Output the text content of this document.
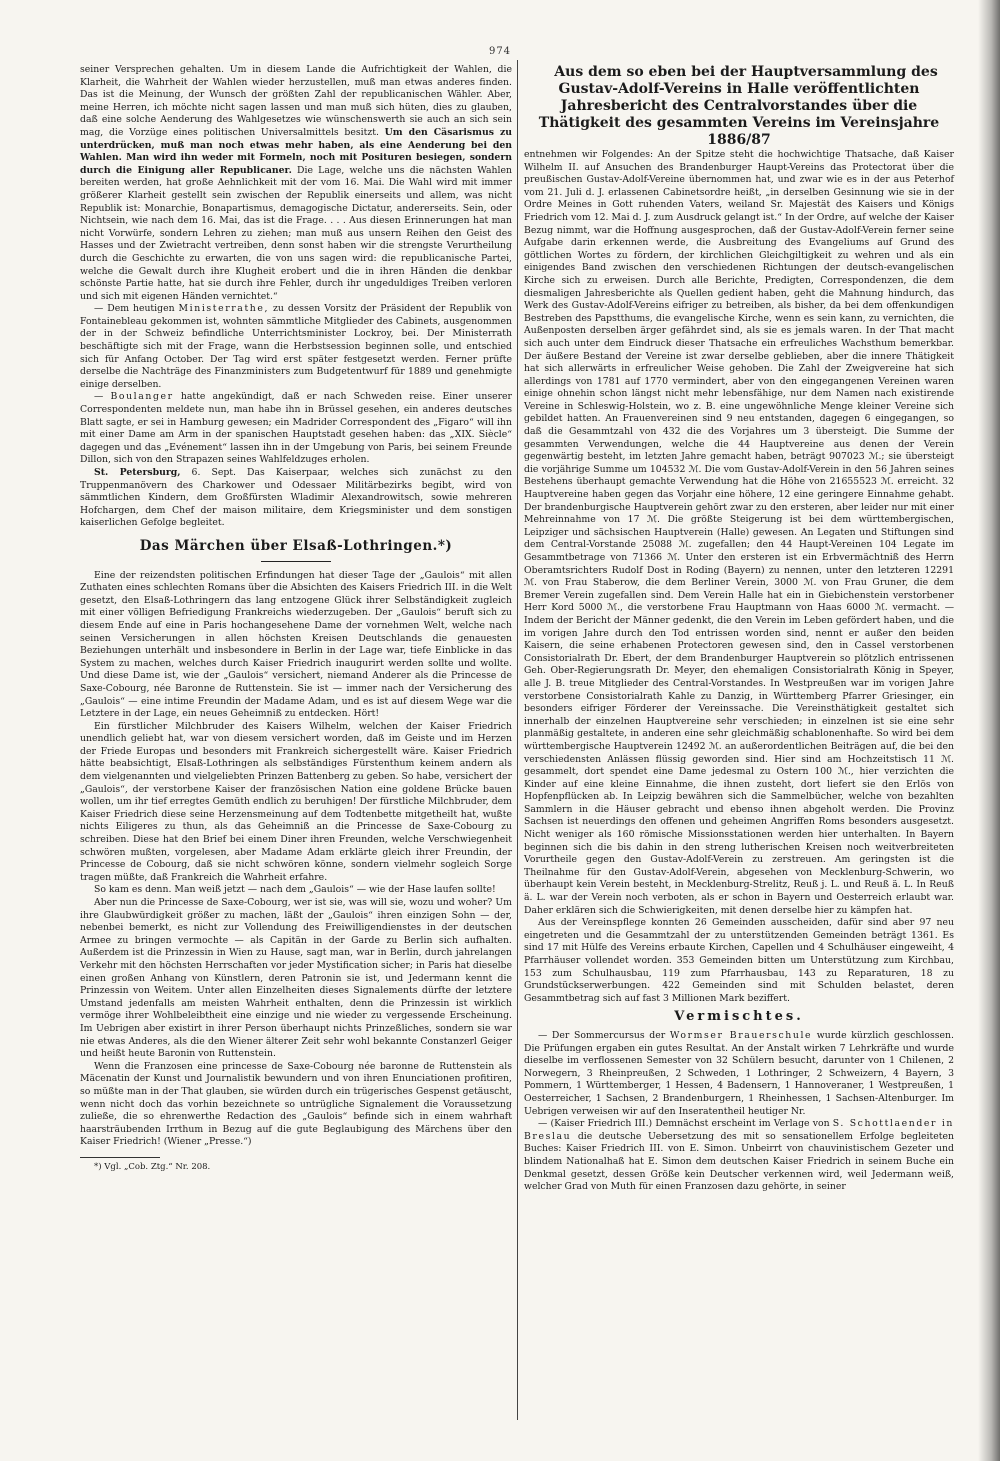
974

seiner Versprechen gehalten. Um in diesem Lande die Aufrichtigkeit der Wahlen, die Klarheit, die Wahrheit der Wahlen wieder herzustellen, muß man etwas anderes finden. Das ist die Meinung, der Wunsch der größten Zahl der republicanischen Wähler. Aber, meine Herren, ich möchte nicht sagen lassen und man muß sich hüten, dies zu glauben, daß eine solche Aenderung des Wahlgesetzes wie wünschenswerth sie auch an sich sein mag, die Vorzüge eines politischen Universalmittels besitzt. Um den Cäsarismus zu unterdrücken, muß man noch etwas mehr haben, als eine Aenderung bei den Wahlen. Man wird ihn weder mit Formeln, noch mit Posituren besiegen, sondern durch die Einigung aller Republicaner. Die Lage, welche uns die nächsten Wahlen bereiten werden, hat große Aehnlichkeit mit der vom 16. Mai. Die Wahl wird mit immer größerer Klarheit gestellt sein zwischen der Republik einerseits und allem, was nicht Republik ist: Monarchie, Bonapartismus, demagogische Dictatur, andererseits. Sein, oder Nichtsein, wie nach dem 16. Mai, das ist die Frage. . . . Aus diesen Erinnerungen hat man nicht Vorwürfe, sondern Lehren zu ziehen; man muß aus unsern Reihen den Geist des Hasses und der Zwietracht vertreiben, denn sonst haben wir die strengste Verurtheilung durch die Geschichte zu erwarten, die von uns sagen wird: die republicanische Partei, welche die Gewalt durch ihre Klugheit erobert und die in ihren Händen die denkbar schönste Partie hatte, hat sie durch ihre Fehler, durch ihr ungeduldiges Treiben verloren und sich mit eigenen Händen vernichtet.“

— Dem heutigen Ministerrathe, zu dessen Vorsitz der Präsident der Republik von Fontainebleau gekommen ist, wohnten sämmtliche Mitglieder des Cabinets, ausgenommen der in der Schweiz befindliche Unterrichtsminister Lockroy, bei. Der Ministerrath beschäftigte sich mit der Frage, wann die Herbstsession beginnen solle, und entschied sich für Anfang October. Der Tag wird erst später festgesetzt werden. Ferner prüfte derselbe die Nachträge des Finanzministers zum Budgetentwurf für 1889 und genehmigte einige derselben.

— Boulanger hatte angekündigt, daß er nach Schweden reise. Einer unserer Correspondenten meldete nun, man habe ihn in Brüssel gesehen, ein anderes deutsches Blatt sagte, er sei in Hamburg gewesen; ein Madrider Correspondent des „Figaro“ will ihn mit einer Dame am Arm in der spanischen Hauptstadt gesehen haben: das „XIX. Siècle“ dagegen und das „Evénement“ lassen ihn in der Umgebung von Paris, bei seinem Freunde Dillon, sich von den Strapazen seines Wahlfeldzuges erholen.

St. Petersburg, 6. Sept. Das Kaiserpaar, welches sich zunächst zu den Truppenmanövern des Charkower und Odessaer Militärbezirks begibt, wird von sämmtlichen Kindern, dem Großfürsten Wladimir Alexandrowitsch, sowie mehreren Hofchargen, dem Chef der maison militaire, dem Kriegsminister und dem sonstigen kaiserlichen Gefolge begleitet.

Das Märchen über Elsaß-Lothringen.*)

Eine der reizendsten politischen Erfindungen hat dieser Tage der „Gaulois“ mit allen Zuthaten eines schlechten Romans über die Absichten des Kaisers Friedrich III. in die Welt gesetzt, den Elsaß-Lothringern das lang entzogene Glück ihrer Selbständigkeit zugleich mit einer völligen Befriedigung Frankreichs wiederzugeben. Der „Gaulois“ beruft sich zu diesem Ende auf eine in Paris hochangesehene Dame der vornehmen Welt, welche nach seinen Versicherungen in allen höchsten Kreisen Deutschlands die genauesten Beziehungen unterhält und insbesondere in Berlin in der Lage war, tiefe Einblicke in das System zu machen, welches durch Kaiser Friedrich inaugurirt werden sollte und wollte. Und diese Dame ist, wie der „Gaulois“ versichert, niemand Anderer als die Princesse de Saxe-Cobourg, née Baronne de Ruttenstein. Sie ist — immer nach der Versicherung des „Gaulois“ — eine intime Freundin der Madame Adam, und es ist auf diesem Wege war die Letztere in der Lage, ein neues Geheimniß zu entdecken. Hört!

Ein fürstlicher Milchbruder des Kaisers Wilhelm, welchen der Kaiser Friedrich unendlich geliebt hat, war von diesem versichert worden, daß im Geiste und im Herzen der Friede Europas und besonders mit Frankreich sichergestellt wäre. Kaiser Friedrich hätte beabsichtigt, Elsaß-Lothringen als selbständiges Fürstenthum keinem andern als dem vielgenannten und vielgeliebten Prinzen Battenberg zu geben. So habe, versichert der „Gaulois“, der verstorbene Kaiser der französischen Nation eine goldene Brücke bauen wollen, um ihr tief erregtes Gemüth endlich zu beruhigen! Der fürstliche Milchbruder, dem Kaiser Friedrich diese seine Herzensmeinung auf dem Todtenbette mitgetheilt hat, wußte nichts Eiligeres zu thun, als das Geheimniß an die Princesse de Saxe-Cobourg zu schreiben. Diese hat den Brief bei einem Diner ihren Freunden, welche Verschwiegenheit schwören mußten, vorgelesen, aber Madame Adam erklärte gleich ihrer Freundin, der Princesse de Cobourg, daß sie nicht schwören könne, sondern vielmehr sogleich Sorge tragen müßte, daß Frankreich die Wahrheit erfahre.

So kam es denn. Man weiß jetzt — nach dem „Gaulois“ — wie der Hase laufen sollte!

Aber nun die Princesse de Saxe-Cobourg, wer ist sie, was will sie, wozu und woher? Um ihre Glaubwürdigkeit größer zu machen, läßt der „Gaulois“ ihren einzigen Sohn — der, nebenbei bemerkt, es nicht zur Vollendung des Freiwilligendienstes in der deutschen Armee zu bringen vermochte — als Capitän in der Garde zu Berlin sich aufhalten. Außerdem ist die Prinzessin in Wien zu Hause, sagt man, war in Berlin, durch jahrelangen Verkehr mit den höchsten Herrschaften vor jeder Mystification sicher; in Paris hat dieselbe einen großen Anhang von Künstlern, deren Patronin sie ist, und Jedermann kennt die Prinzessin von Weitem. Unter allen Einzelheiten dieses Signalements dürfte der letztere Umstand jedenfalls am meisten Wahrheit enthalten, denn die Prinzessin ist wirklich vermöge ihrer Wohlbeleibtheit eine einzige und nie wieder zu vergessende Erscheinung. Im Uebrigen aber existirt in ihrer Person überhaupt nichts Prinzeßliches, sondern sie war nie etwas Anderes, als die den Wiener älterer Zeit sehr wohl bekannte Constanzerl Geiger und heißt heute Baronin von Ruttenstein.

Wenn die Franzosen eine princesse de Saxe-Cobourg née baronne de Ruttenstein als Mäcenatin der Kunst und Journalistik bewundern und von ihren Enunciationen profitiren, so müßte man in der That glauben, sie würden durch ein trügerisches Gespenst getäuscht, wenn nicht doch das vorhin bezeichnete so untrügliche Signalement die Voraussetzung zuließe, die so ehrenwerthe Redaction des „Gaulois“ befinde sich in einem wahrhaft haarsträubenden Irrthum in Bezug auf die gute Beglaubigung des Märchens über den Kaiser Friedrich! (Wiener „Presse.“)

*) Vgl. „Cob. Ztg.“ Nr. 208.

Aus dem so eben bei der Hauptversammlung des Gustav-Adolf-Vereins in Halle veröffentlichten Jahresbericht des Centralvorstandes über die Thätigkeit des gesammten Vereins im Vereinsjahre 1886/87

entnehmen wir Folgendes: An der Spitze steht die hochwichtige Thatsache, daß Kaiser Wilhelm II. auf Ansuchen des Brandenburger Haupt-Vereins das Protectorat über die preußischen Gustav-Adolf-Vereine übernommen hat, und zwar wie es in der aus Peterhof vom 21. Juli d. J. erlassenen Cabinetsordre heißt, „in derselben Gesinnung wie sie in der Ordre Meines in Gott ruhenden Vaters, weiland Sr. Majestät des Kaisers und Königs Friedrich vom 12. Mai d. J. zum Ausdruck gelangt ist.“ In der Ordre, auf welche der Kaiser Bezug nimmt, war die Hoffnung ausgesprochen, daß der Gustav-Adolf-Verein ferner seine Aufgabe darin erkennen werde, die Ausbreitung des Evangeliums auf Grund des göttlichen Wortes zu fördern, der kirchlichen Gleichgiltigkeit zu wehren und als ein einigendes Band zwischen den verschiedenen Richtungen der deutsch-evangelischen Kirche sich zu erweisen. Durch alle Berichte, Predigten, Correspondenzen, die dem diesmaligen Jahresberichte als Quellen gedient haben, geht die Mahnung hindurch, das Werk des Gustav-Adolf-Vereins eifriger zu betreiben, als bisher, da bei dem offenkundigen Bestreben des Papstthums, die evangelische Kirche, wenn es sein kann, zu vernichten, die Außenposten derselben ärger gefährdet sind, als sie es jemals waren. In der That macht sich auch unter dem Eindruck dieser Thatsache ein erfreuliches Wachsthum bemerkbar. Der äußere Bestand der Vereine ist zwar derselbe geblieben, aber die innere Thätigkeit hat sich allerwärts in erfreulicher Weise gehoben. Die Zahl der Zweigvereine hat sich allerdings von 1781 auf 1770 vermindert, aber von den eingegangenen Vereinen waren einige ohnehin schon längst nicht mehr lebensfähige, nur dem Namen nach existirende Vereine in Schleswig-Holstein, wo z. B. eine ungewöhnliche Menge kleiner Vereine sich gebildet hatten. An Frauenvereinen sind 9 neu entstanden, dagegen 6 eingegangen, so daß die Gesammtzahl von 432 die des Vorjahres um 3 übersteigt. Die Summe der gesammten Verwendungen, welche die 44 Hauptvereine aus denen der Verein gegenwärtig besteht, im letzten Jahre gemacht haben, beträgt 907023 ℳ.; sie übersteigt die vorjährige Summe um 104532 ℳ. Die vom Gustav-Adolf-Verein in den 56 Jahren seines Bestehens überhaupt gemachte Verwendung hat die Höhe von 21655523 ℳ. erreicht. 32 Hauptvereine haben gegen das Vorjahr eine höhere, 12 eine geringere Einnahme gehabt. Der brandenburgische Hauptverein gehört zwar zu den ersteren, aber leider nur mit einer Mehreinnahme von 17 ℳ. Die größte Steigerung ist bei dem württembergischen, Leipziger und sächsischen Hauptverein (Halle) gewesen. An Legaten und Stiftungen sind dem Central-Vorstande 25088 ℳ. zugefallen; den 44 Haupt-Vereinen 104 Legate im Gesammtbetrage von 71366 ℳ. Unter den ersteren ist ein Erbvermächtniß des Herrn Oberamtsrichters Rudolf Dost in Roding (Bayern) zu nennen, unter den letzteren 12291 ℳ. von Frau Staberow, die dem Berliner Verein, 3000 ℳ. von Frau Gruner, die dem Bremer Verein zugefallen sind. Dem Verein Halle hat ein in Giebichenstein verstorbener Herr Kord 5000 ℳ., die verstorbene Frau Hauptmann von Haas 6000 ℳ. vermacht. — Indem der Bericht der Männer gedenkt, die den Verein im Leben gefördert haben, und die im vorigen Jahre durch den Tod entrissen worden sind, nennt er außer den beiden Kaisern, die seine erhabenen Protectoren gewesen sind, den in Cassel verstorbenen Consistorialrath Dr. Ebert, der dem Brandenburger Hauptverein so plötzlich entrissenen Geh. Ober-Regierungsrath Dr. Meyer, den ehemaligen Consistorialrath König in Speyer, alle J. B. treue Mitglieder des Central-Vorstandes. In Westpreußen war im vorigen Jahre verstorbene Consistorialrath Kahle zu Danzig, in Württemberg Pfarrer Griesinger, ein besonders eifriger Förderer der Vereinssache. Die Vereinsthätigkeit gestaltet sich innerhalb der einzelnen Hauptvereine sehr verschieden; in einzelnen ist sie eine sehr planmäßig gestaltete, in anderen eine sehr gleichmäßig schablonenhafte. So wird bei dem württembergische Hauptverein 12492 ℳ. an außerordentlichen Beiträgen auf, die bei den verschiedensten Anlässen flüssig geworden sind. Hier sind am Hochzeitstisch 11 ℳ. gesammelt, dort spendet eine Dame jedesmal zu Ostern 100 ℳ., hier verzichten die Kinder auf eine kleine Einnahme, die ihnen zusteht, dort liefert sie den Erlös von Hopfenpflücken ab. In Leipzig bewähren sich die Sammelbücher, welche von bezahlten Sammlern in die Häuser gebracht und ebenso ihnen abgeholt werden. Die Provinz Sachsen ist neuerdings den offenen und geheimen Angriffen Roms besonders ausgesetzt. Nicht weniger als 160 römische Missionsstationen werden hier unterhalten. In Bayern beginnen sich die bis dahin in den streng lutherischen Kreisen noch weitverbreiteten Vorurtheile gegen den Gustav-Adolf-Verein zu zerstreuen. Am geringsten ist die Theilnahme für den Gustav-Adolf-Verein, abgesehen von Mecklenburg-Schwerin, wo überhaupt kein Verein besteht, in Mecklenburg-Strelitz, Reuß j. L. und Reuß ä. L. In Reuß ä. L. war der Verein noch verboten, als er schon in Bayern und Oesterreich erlaubt war. Daher erklären sich die Schwierigkeiten, mit denen derselbe hier zu kämpfen hat.

Aus der Vereinspflege konnten 26 Gemeinden ausscheiden, dafür sind aber 97 neu eingetreten und die Gesammtzahl der zu unterstützenden Gemeinden beträgt 1361. Es sind 17 mit Hülfe des Vereins erbaute Kirchen, Capellen und 4 Schulhäuser eingeweiht, 4 Pfarrhäuser vollendet worden. 353 Gemeinden bitten um Unterstützung zum Kirchbau, 153 zum Schulhausbau, 119 zum Pfarrhausbau, 143 zu Reparaturen, 18 zu Grundstückserwerbungen. 422 Gemeinden sind mit Schulden belastet, deren Gesammtbetrag sich auf fast 3 Millionen Mark beziffert.

Vermischtes.

— Der Sommercursus der Wormser Brauerschule wurde kürzlich geschlossen. Die Prüfungen ergaben ein gutes Resultat. An der Anstalt wirken 7 Lehrkräfte und wurde dieselbe im verflossenen Semester von 32 Schülern besucht, darunter von 1 Chilenen, 2 Norwegern, 3 Rheinpreußen, 2 Schweden, 1 Lothringer, 2 Schweizern, 4 Bayern, 3 Pommern, 1 Württemberger, 1 Hessen, 4 Badensern, 1 Hannoveraner, 1 Westpreußen, 1 Oesterreicher, 1 Sachsen, 2 Brandenburgern, 1 Rheinhessen, 1 Sachsen-Altenburger. Im Uebrigen verweisen wir auf den Inseratentheil heutiger Nr.

— (Kaiser Friedrich III.) Demnächst erscheint im Verlage von S. Schottlaender in Breslau die deutsche Uebersetzung des mit so sensationellem Erfolge begleiteten Buches: Kaiser Friedrich III. von E. Simon. Unbeirrt von chauvinistischem Gezeter und blindem Nationalhaß hat E. Simon dem deutschen Kaiser Friedrich in seinem Buche ein Denkmal gesetzt, dessen Größe kein Deutscher verkennen wird, weil Jedermann weiß, welcher Grad von Muth für einen Franzosen dazu gehörte, in seiner
